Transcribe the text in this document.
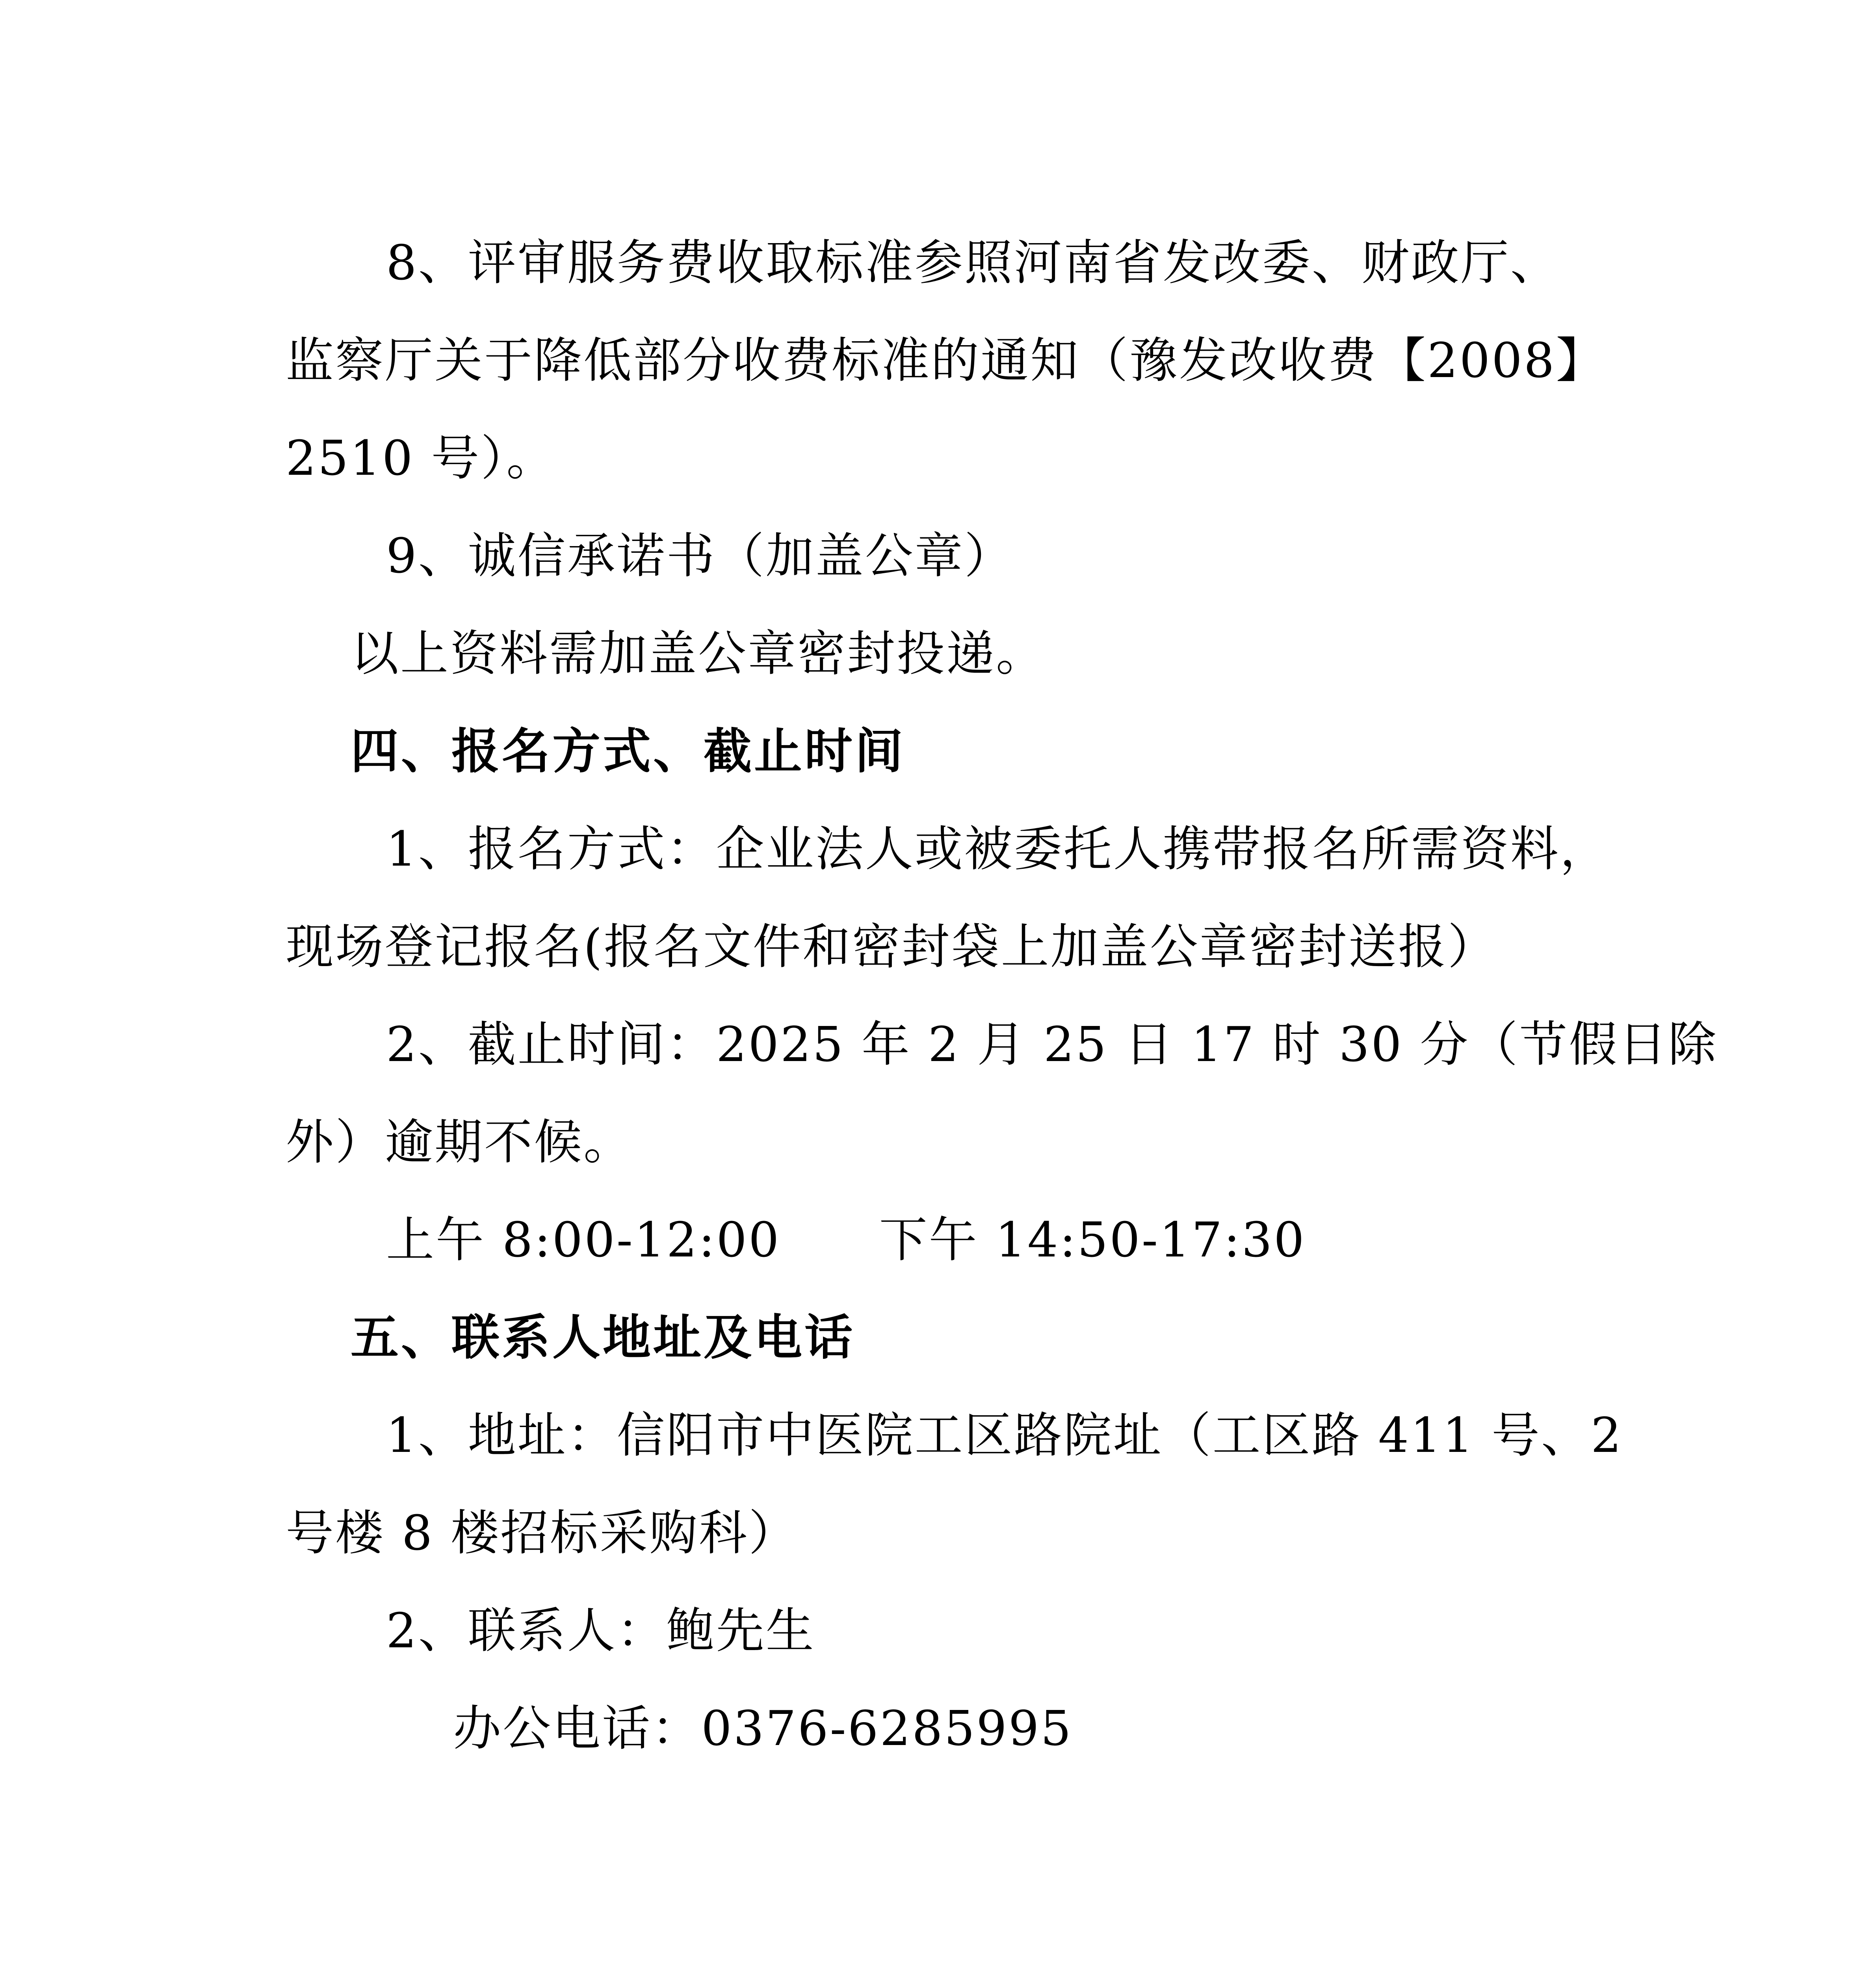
8、评审服务费收取标准参照河南省发改委、财政厅、
监察厅关于降低部分收费标准的通知（豫发改收费【2008】
2510 号）。
9、诚信承诺书（加盖公章）
以上资料需加盖公章密封投递。
四、报名方式、截止时间
1、报名方式：企业法人或被委托人携带报名所需资料，
现场登记报名(报名文件和密封袋上加盖公章密封送报）
2、截止时间：2025 年 2 月 25 日 17 时 30 分（节假日除
外）逾期不候。
上午 8:00-12:00 下午 14:50-17:30
五、联系人地址及电话
1、地址：信阳市中医院工区路院址（工区路 411 号、2
号楼 8 楼招标采购科）
2、联系人：鲍先生
办公电话：0376-6285995
